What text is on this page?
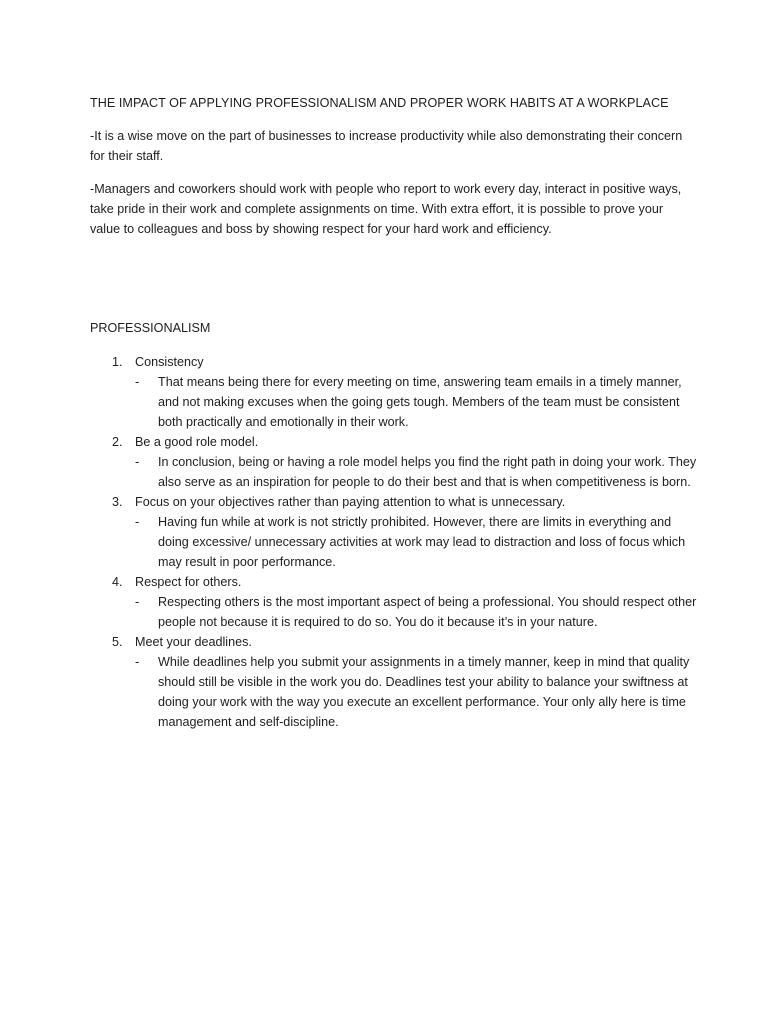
THE IMPACT OF APPLYING PROFESSIONALISM AND PROPER WORK HABITS AT A WORKPLACE

-It is a wise move on the part of businesses to increase productivity while also demonstrating their concern for their staff.

-Managers and coworkers should work with people who report to work every day, interact in positive ways, take pride in their work and complete assignments on time. With extra effort, it is possible to prove your value to colleagues and boss by showing respect for your hard work and efficiency.

PROFESSIONALISM

1. Consistency
- That means being there for every meeting on time, answering team emails in a timely manner, and not making excuses when the going gets tough. Members of the team must be consistent both practically and emotionally in their work.
2. Be a good role model.
- In conclusion, being or having a role model helps you find the right path in doing your work. They also serve as an inspiration for people to do their best and that is when competitiveness is born.
3. Focus on your objectives rather than paying attention to what is unnecessary.
- Having fun while at work is not strictly prohibited. However, there are limits in everything and doing excessive/ unnecessary activities at work may lead to distraction and loss of focus which may result in poor performance.
4. Respect for others.
- Respecting others is the most important aspect of being a professional. You should respect other people not because it is required to do so. You do it because it’s in your nature.
5. Meet your deadlines.
- While deadlines help you submit your assignments in a timely manner, keep in mind that quality should still be visible in the work you do. Deadlines test your ability to balance your swiftness at doing your work with the way you execute an excellent performance. Your only ally here is time management and self-discipline.
